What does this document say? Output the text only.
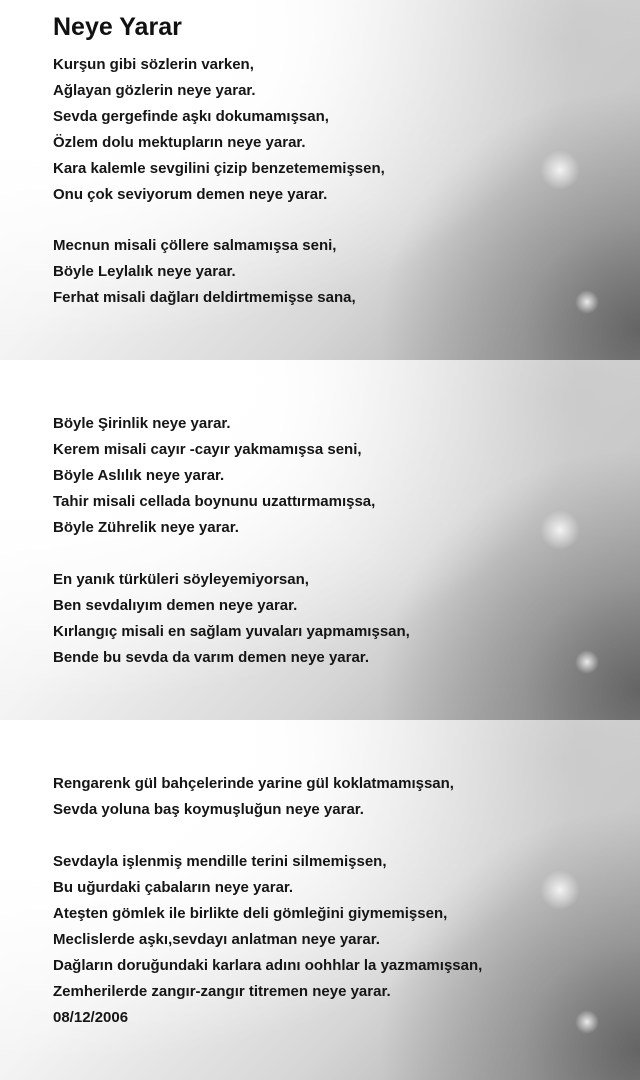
Neye Yarar
Kurşun gibi sözlerin varken,
Ağlayan gözlerin neye yarar.
Sevda gergefinde aşkı dokumamışsan,
Özlem dolu mektupların neye yarar.
Kara kalemle sevgilini çizip benzetememişsen,
Onu çok seviyorum demen neye yarar.
Mecnun misali çöllere salmamışsa seni,
Böyle Leylalık neye yarar.
Ferhat misali dağları deldirtmemişse sana,
Böyle Şirinlik neye yarar.
Kerem misali cayır -cayır yakmamışsa seni,
Böyle Aslılık neye yarar.
Tahir misali cellada boynunu uzattırmamışsa,
Böyle Zührelik neye yarar.
En yanık türküleri söyleyemiyorsan,
Ben sevdalıyım demen neye yarar.
Kırlangıç misali en sağlam yuvaları yapmamışsan,
Bende bu sevda da varım demen neye yarar.
Rengarenk gül bahçelerinde yarine gül koklatmamışsan,
Sevda yoluna baş koymuşluğun neye yarar.
Sevdayla işlenmiş mendille terini silmemişsen,
Bu uğurdaki çabaların neye yarar.
Ateşten gömlek ile birlikte deli gömleğini giymemişsen,
Meclislerde aşkı,sevdayı anlatman neye yarar.
Dağların doruğundaki karlara adını oohhlar la yazmamışsan,
Zemherilerde zangır-zangır titremen neye yarar.
08/12/2006
